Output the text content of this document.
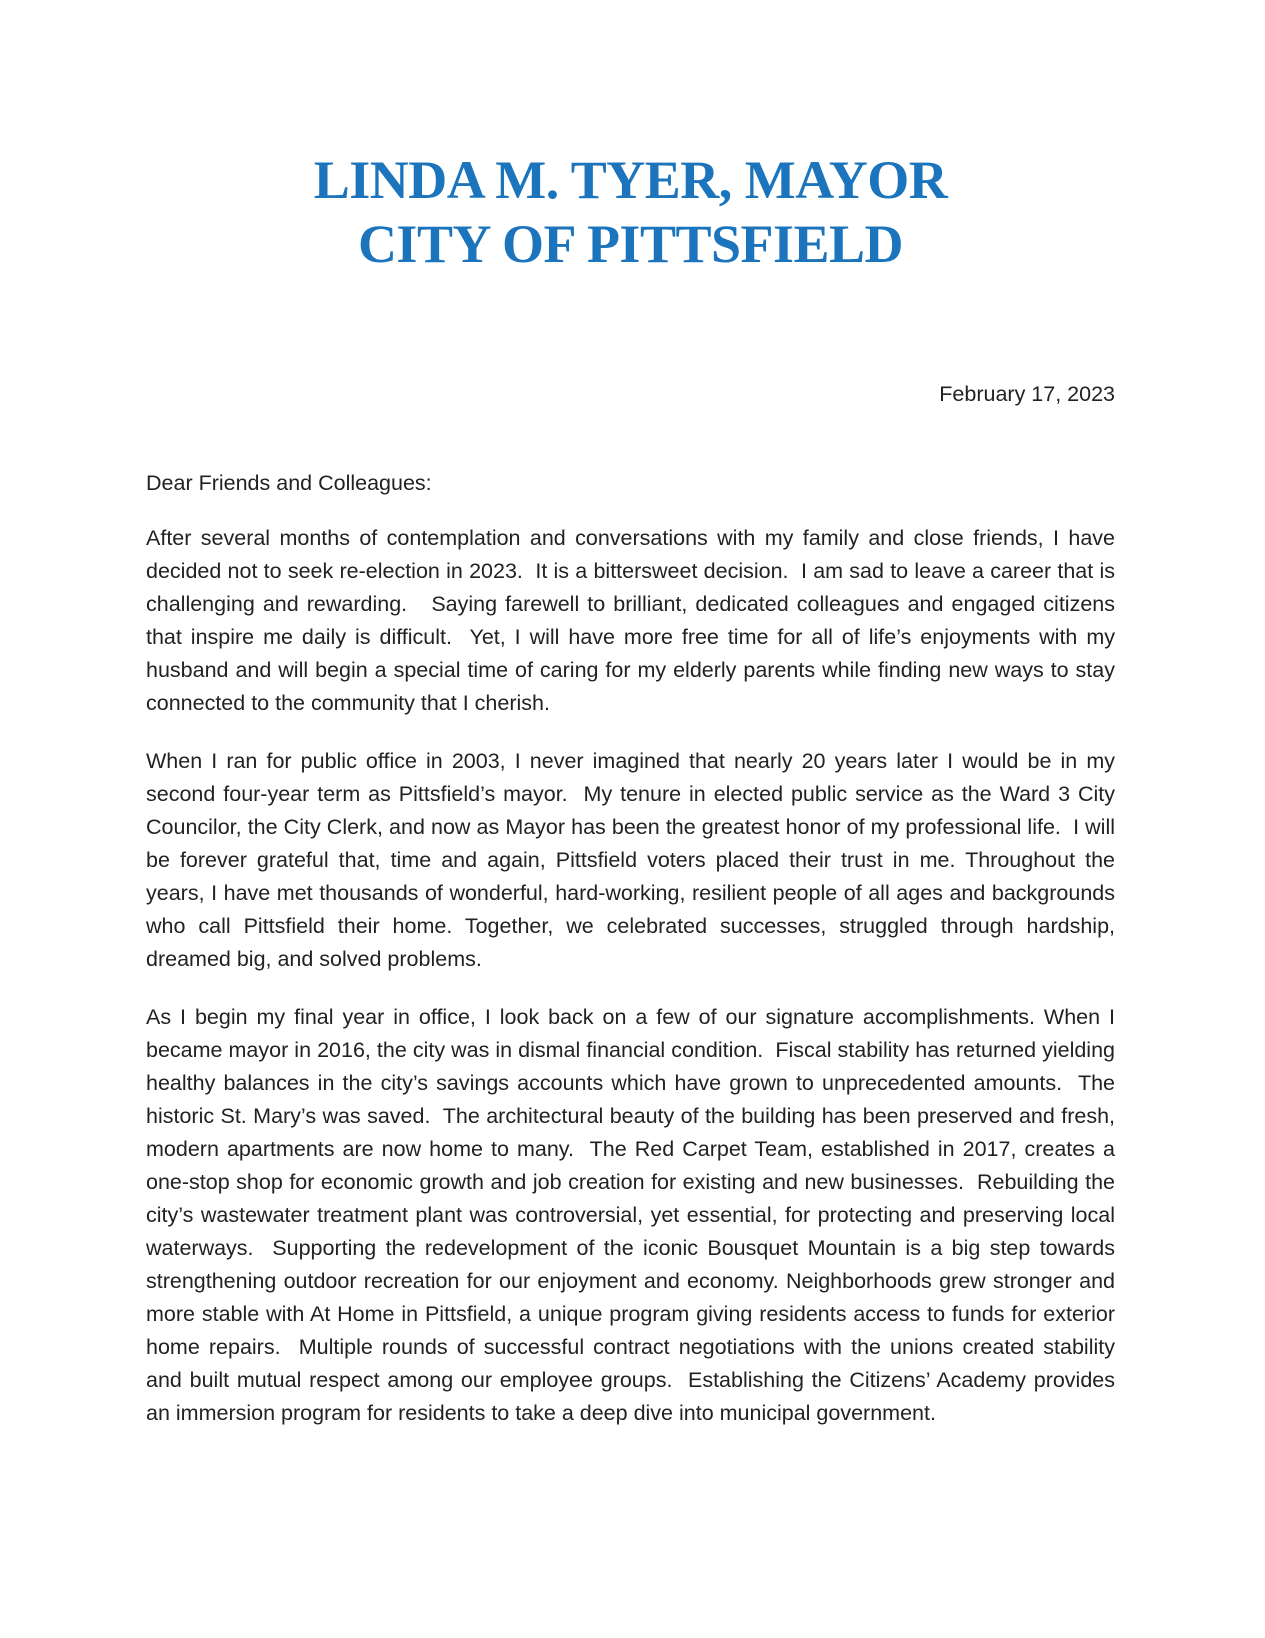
LINDA M. TYER, MAYOR
CITY OF PITTSFIELD
February 17, 2023
Dear Friends and Colleagues:

After several months of contemplation and conversations with my family and close friends, I have decided not to seek re-election in 2023.  It is a bittersweet decision.  I am sad to leave a career that is challenging and rewarding.   Saying farewell to brilliant, dedicated colleagues and engaged citizens that inspire me daily is difficult.  Yet, I will have more free time for all of life’s enjoyments with my husband and will begin a special time of caring for my elderly parents while finding new ways to stay connected to the community that I cherish.

When I ran for public office in 2003, I never imagined that nearly 20 years later I would be in my second four-year term as Pittsfield’s mayor.  My tenure in elected public service as the Ward 3 City Councilor, the City Clerk, and now as Mayor has been the greatest honor of my professional life.  I will be forever grateful that, time and again, Pittsfield voters placed their trust in me. Throughout the years, I have met thousands of wonderful, hard-working, resilient people of all ages and backgrounds who call Pittsfield their home. Together, we celebrated successes, struggled through hardship, dreamed big, and solved problems.

As I begin my final year in office, I look back on a few of our signature accomplishments. When I became mayor in 2016, the city was in dismal financial condition.  Fiscal stability has returned yielding healthy balances in the city’s savings accounts which have grown to unprecedented amounts.  The historic St. Mary’s was saved.  The architectural beauty of the building has been preserved and fresh, modern apartments are now home to many.  The Red Carpet Team, established in 2017, creates a one-stop shop for economic growth and job creation for existing and new businesses.  Rebuilding the city’s wastewater treatment plant was controversial, yet essential, for protecting and preserving local waterways.  Supporting the redevelopment of the iconic Bousquet Mountain is a big step towards strengthening outdoor recreation for our enjoyment and economy. Neighborhoods grew stronger and more stable with At Home in Pittsfield, a unique program giving residents access to funds for exterior home repairs.  Multiple rounds of successful contract negotiations with the unions created stability and built mutual respect among our employee groups.  Establishing the Citizens’ Academy provides an immersion program for residents to take a deep dive into municipal government.
